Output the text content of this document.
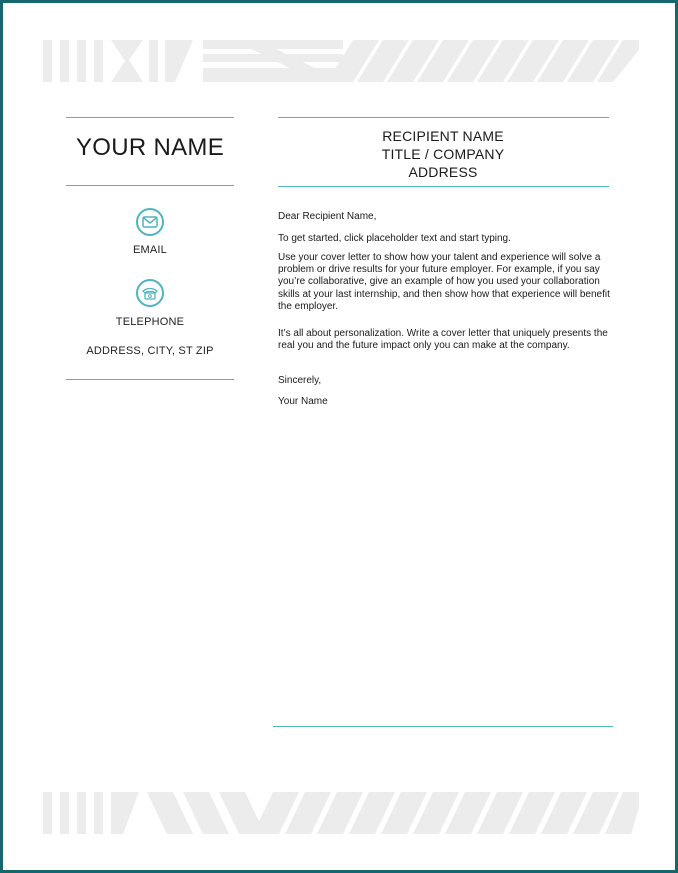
YOUR NAME
EMAIL
TELEPHONE
ADDRESS, CITY, ST ZIP
RECIPIENT NAME
TITLE / COMPANY
ADDRESS
Dear Recipient Name,
To get started, click placeholder text and start typing.
Use your cover letter to show how your talent and experience will solve a problem or drive results for your future employer. For example, if you say you’re collaborative, give an example of how you used your collaboration skills at your last internship, and then show how that experience will benefit the employer.
It’s all about personalization. Write a cover letter that uniquely presents the real you and the future impact only you can make at the company.
Sincerely,
Your Name
